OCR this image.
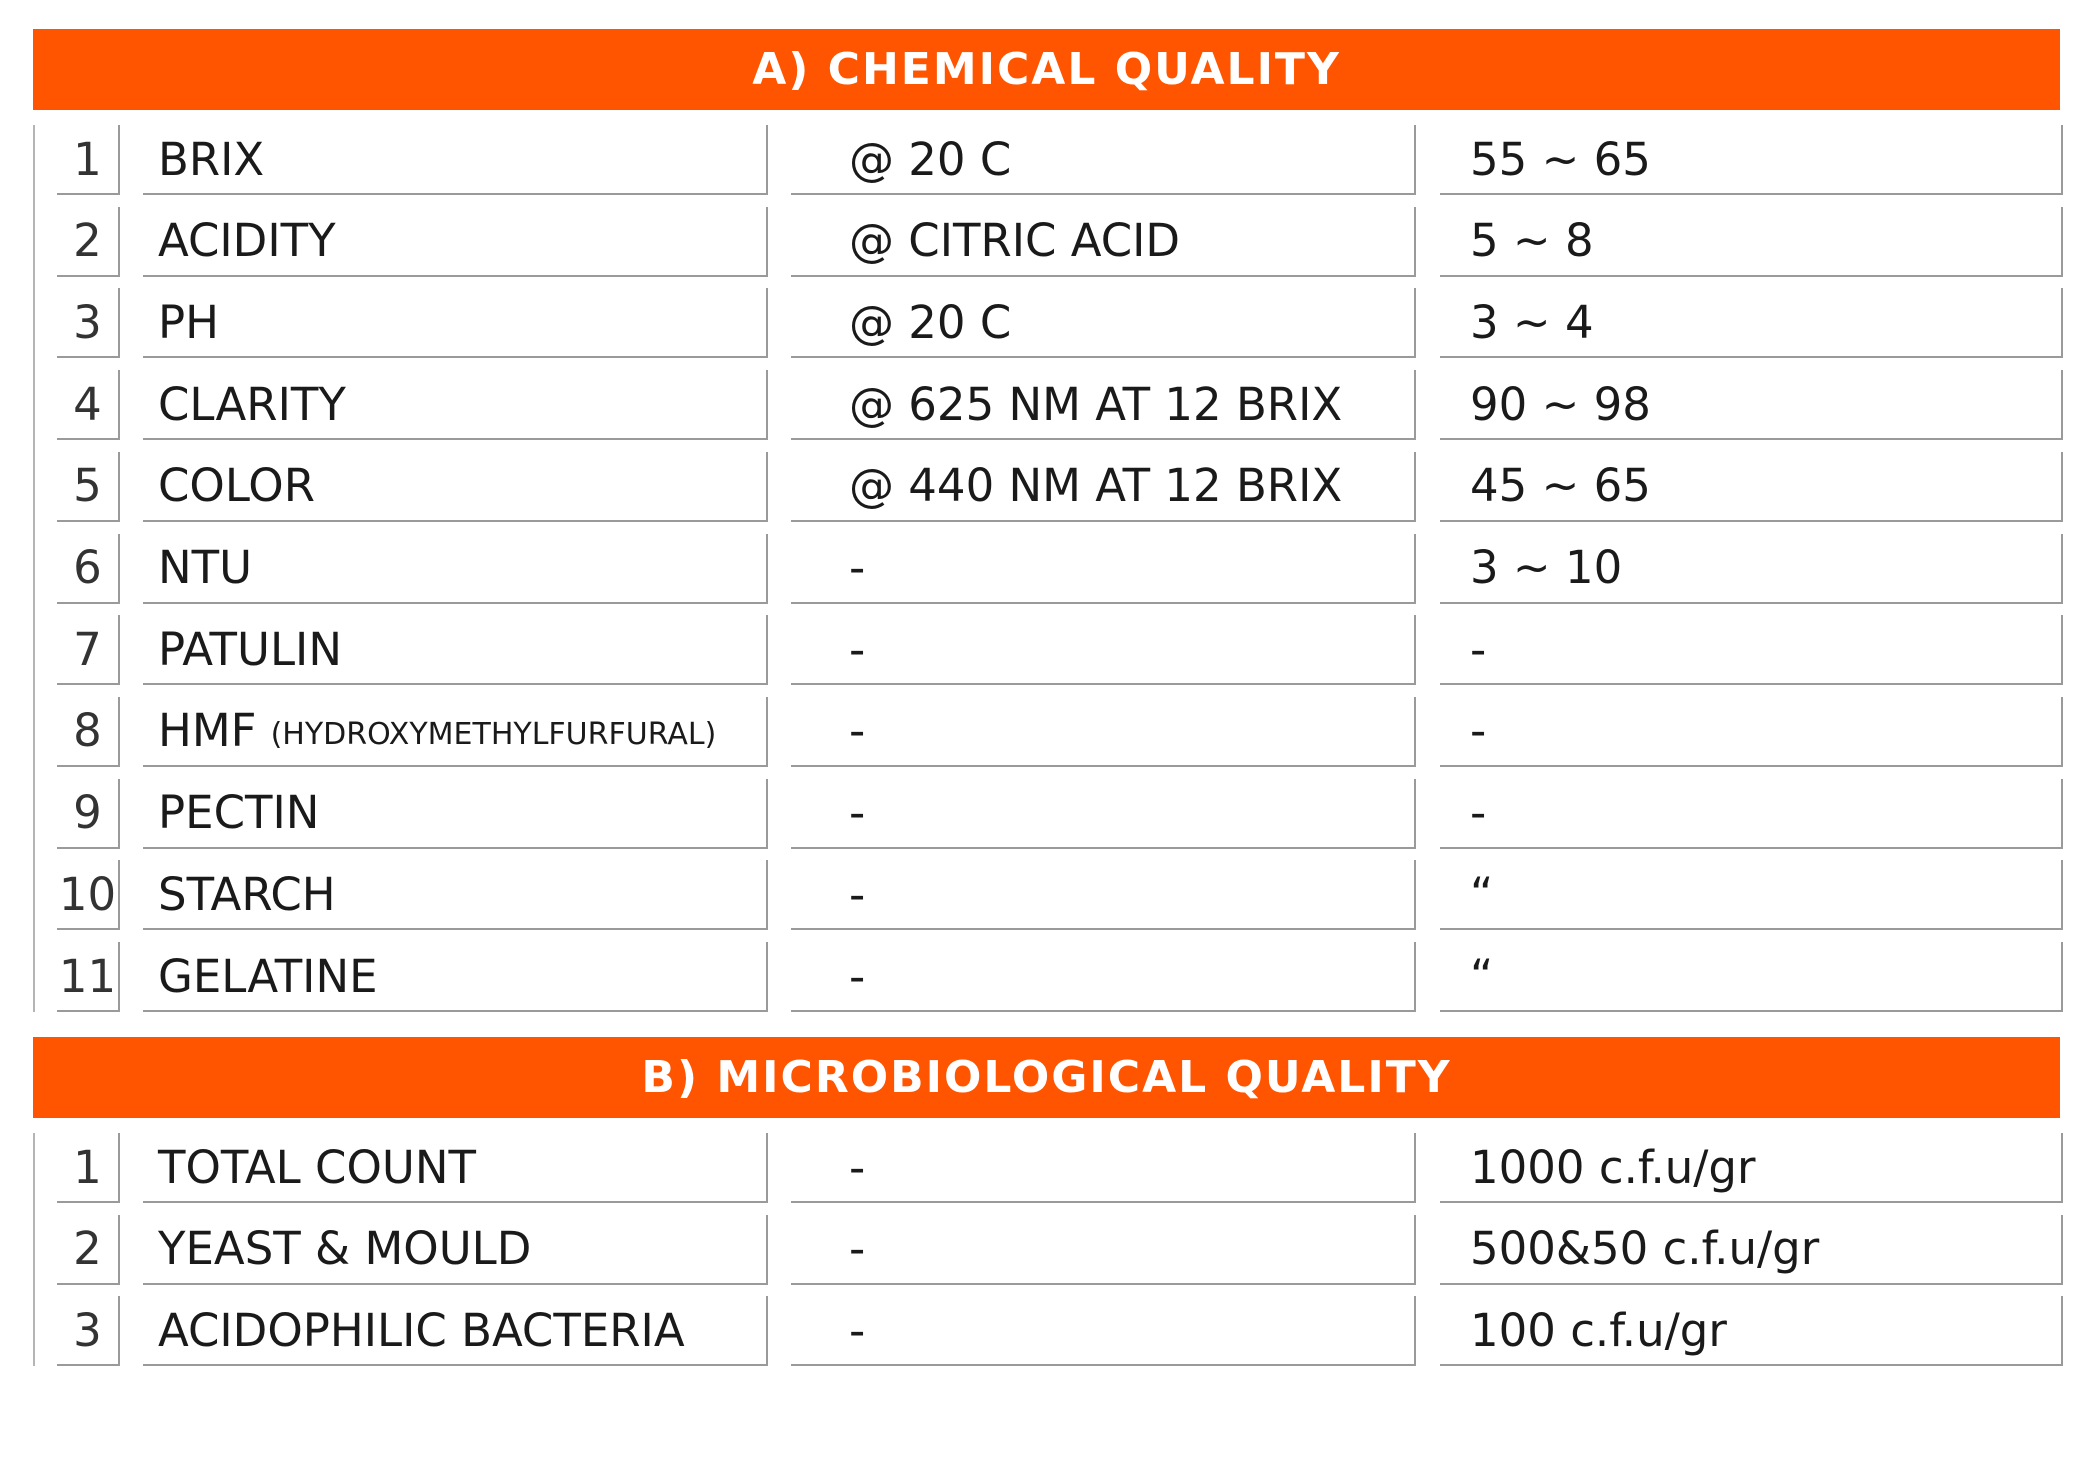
A) CHEMICAL QUALITY
1	BRIX	@ 20 C	55 ~ 65
2	ACIDITY	@ CITRIC ACID	5 ~ 8
3	PH	@ 20 C	3 ~ 4
4	CLARITY	@ 625 NM AT 12 BRIX	90 ~ 98
5	COLOR	@ 440 NM AT 12 BRIX	45 ~ 65
6	NTU	-	3 ~ 10
7	PATULIN	-	-
8	HMF (HYDROXYMETHYLFURFURAL)	-	-
9	PECTIN	-	-
10 STARCH	-	“
11 GELATINE	-	“
B) MICROBIOLOGICAL QUALITY
1	TOTAL COUNT	-	1000 c.f.u/gr
2	YEAST & MOULD	-	500&50 c.f.u/gr
3	ACIDOPHILIC BACTERIA	-	100 c.f.u/gr
